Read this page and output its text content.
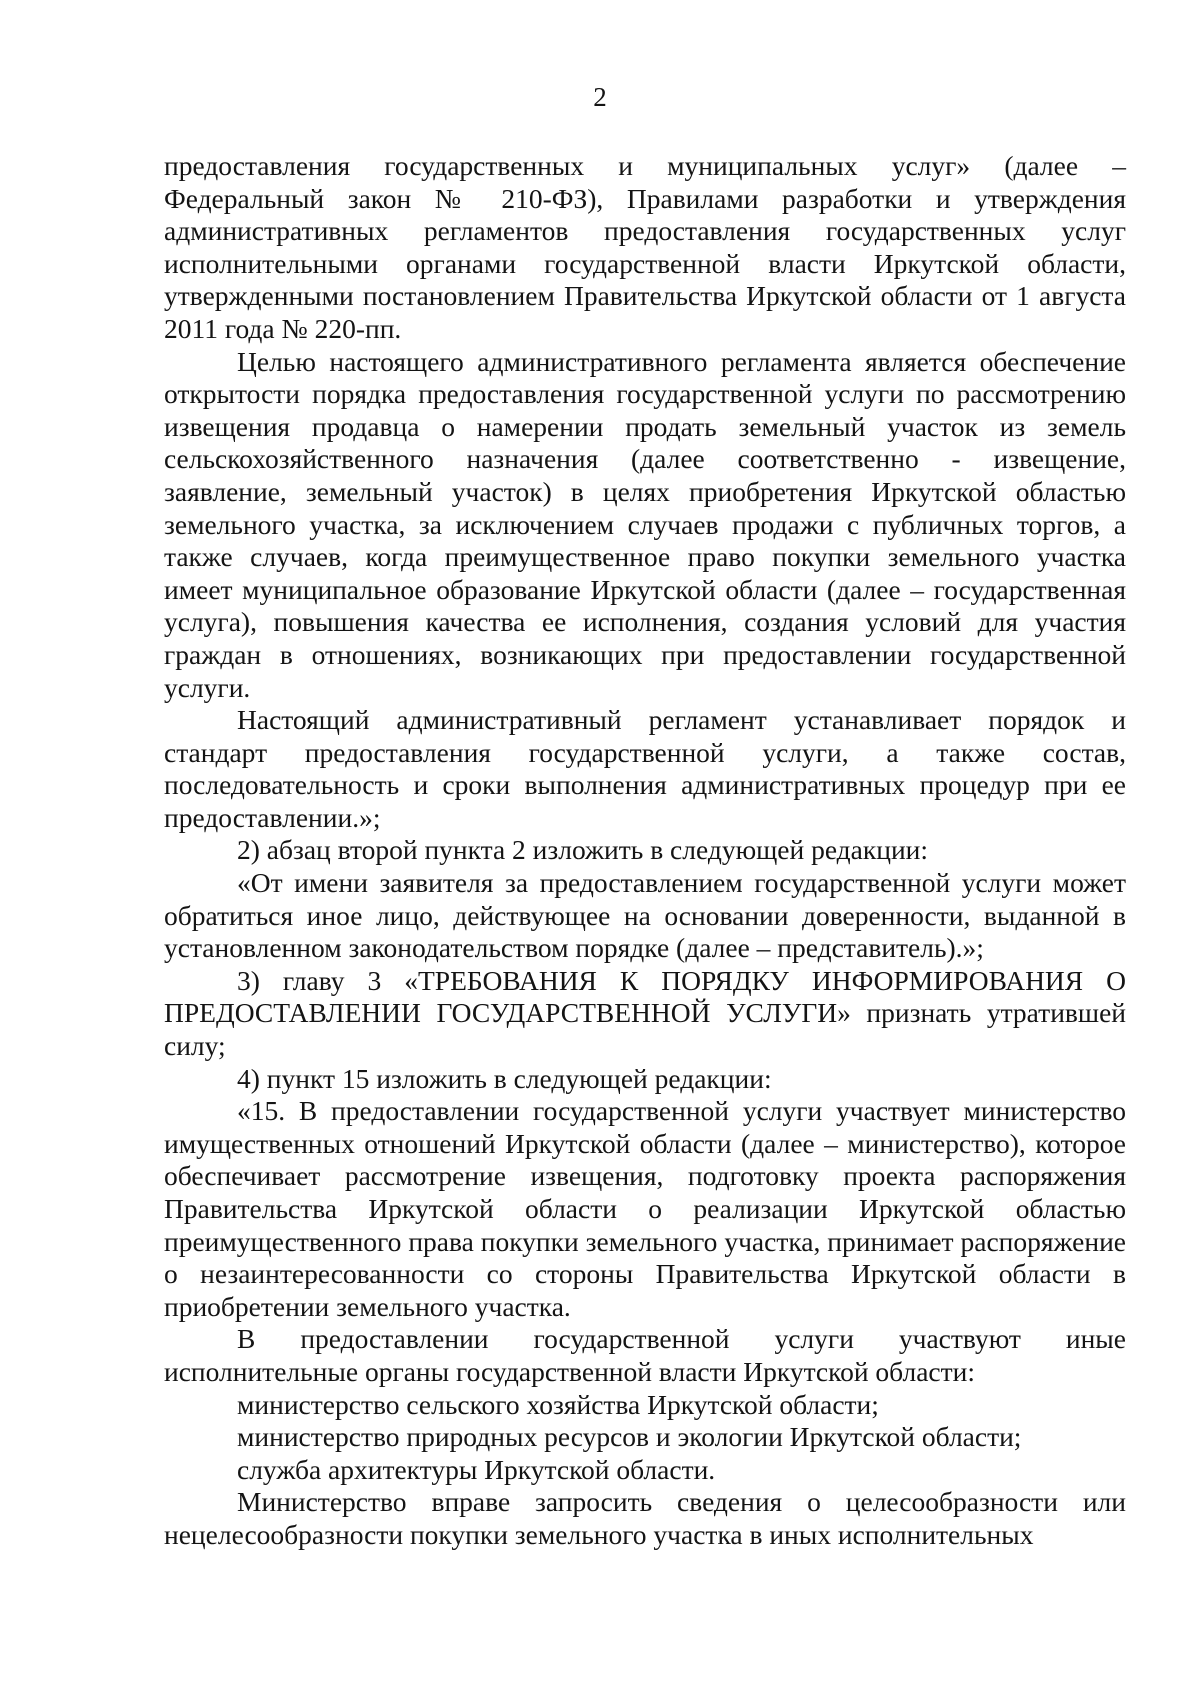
2

предоставления государственных и муниципальных услуг» (далее – Федеральный закон № 210-ФЗ), Правилами разработки и утверждения административных регламентов предоставления государственных услуг исполнительными органами государственной власти Иркутской области, утвержденными постановлением Правительства Иркутской области от 1 августа 2011 года № 220-пп.

Целью настоящего административного регламента является обеспечение открытости порядка предоставления государственной услуги по рассмотрению извещения продавца о намерении продать земельный участок из земель сельскохозяйственного назначения (далее соответственно - извещение, заявление, земельный участок) в целях приобретения Иркутской областью земельного участка, за исключением случаев продажи с публичных торгов, а также случаев, когда преимущественное право покупки земельного участка имеет муниципальное образование Иркутской области (далее – государственная услуга), повышения качества ее исполнения, создания условий для участия граждан в отношениях, возникающих при предоставлении государственной услуги.

Настоящий административный регламент устанавливает порядок и стандарт предоставления государственной услуги, а также состав, последовательность и сроки выполнения административных процедур при ее предоставлении.»;

2) абзац второй пункта 2 изложить в следующей редакции:

«От имени заявителя за предоставлением государственной услуги может обратиться иное лицо, действующее на основании доверенности, выданной в установленном законодательством порядке (далее – представитель).»;

3) главу 3 «ТРЕБОВАНИЯ К ПОРЯДКУ ИНФОРМИРОВАНИЯ О ПРЕДОСТАВЛЕНИИ ГОСУДАРСТВЕННОЙ УСЛУГИ» признать утратившей силу;

4) пункт 15 изложить в следующей редакции:

«15. В предоставлении государственной услуги участвует министерство имущественных отношений Иркутской области (далее – министерство), которое обеспечивает рассмотрение извещения, подготовку проекта распоряжения Правительства Иркутской области о реализации Иркутской областью преимущественного права покупки земельного участка, принимает распоряжение о незаинтересованности со стороны Правительства Иркутской области в приобретении земельного участка.

В предоставлении государственной услуги участвуют иные исполнительные органы государственной власти Иркутской области:

министерство сельского хозяйства Иркутской области;

министерство природных ресурсов и экологии Иркутской области;

служба архитектуры Иркутской области.

Министерство вправе запросить сведения о целесообразности или нецелесообразности покупки земельного участка в иных исполнительных
